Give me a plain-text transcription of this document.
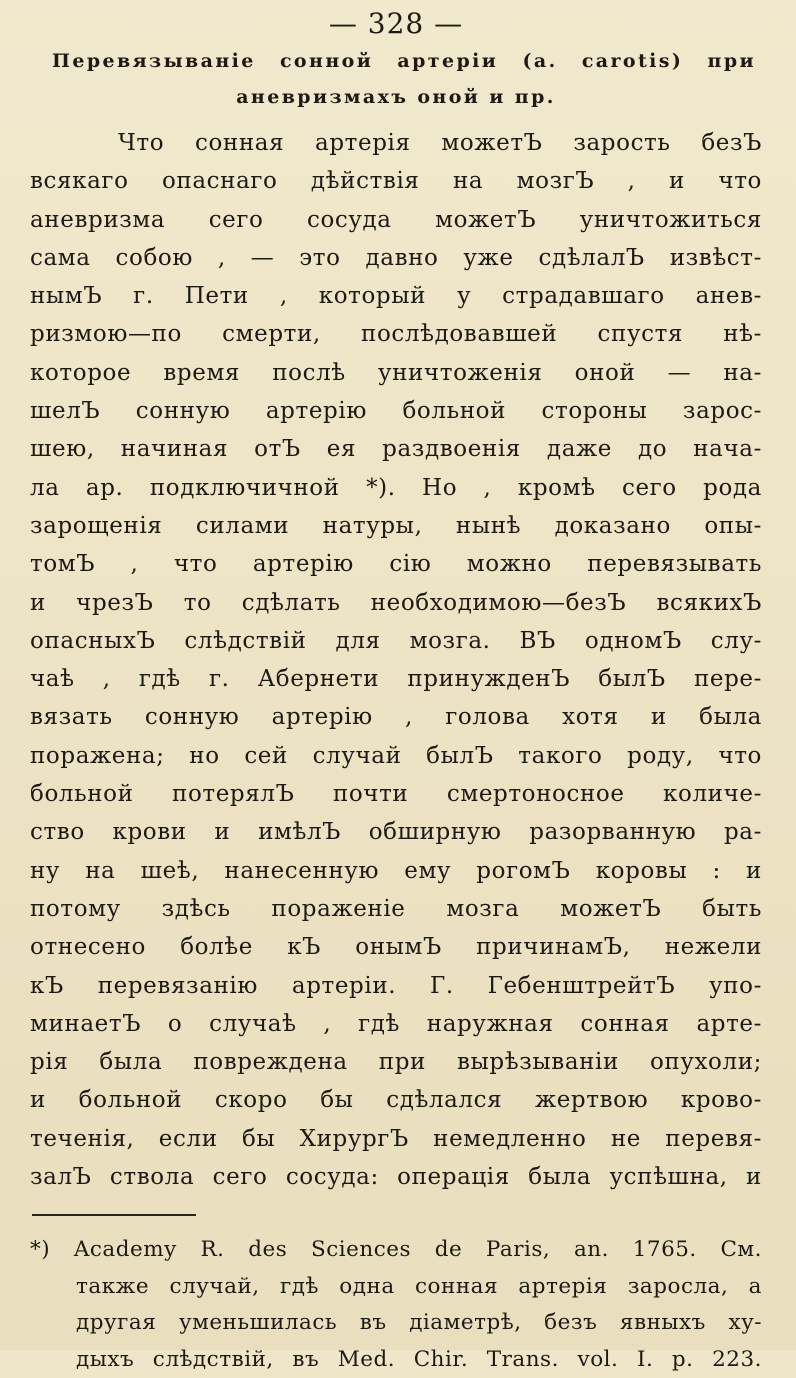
— 328 —
Перевязываніе сонной артеріи (a. carotis) при
аневризмахъ оной и пр.
Что сонная артерія можетЪ зарость безЪ
всякаго опаснаго дѣйствія на мозгЪ , и что
аневризма сего сосуда можетЪ уничтожиться
сама собою , — это давно уже сдѣлалЪ извѣст-
нымЪ г. Пети , который у страдавшаго анев-
ризмою—по смерти, послѣдовавшей спустя нѣ-
которое время послѣ уничтоженія оной — на-
шелЪ сонную артерію больной стороны зарос-
шею, начиная отЪ ея раздвоенія даже до нача-
ла ар. подключичной *). Но , кромѣ сего рода
зарощенія силами натуры, нынѣ доказано опы-
томЪ , что артерію сію можно перевязывать
и чрезЪ то сдѣлать необходимою—безЪ всякихЪ
опасныхЪ слѣдствій для мозга. ВЪ одномЪ слу-
чаѣ , гдѣ г. Абернети принужденЪ былЪ пере-
вязать сонную артерію , голова хотя и была
поражена; но сей случай былЪ такого роду, что
больной потерялЪ почти смертоносное количе-
ство крови и имѣлЪ обширную разорванную ра-
ну на шеѣ, нанесенную ему рогомЪ коровы : и
потому здѣсь пораженіе мозга можетЪ быть
отнесено болѣе кЪ онымЪ причинамЪ, нежели
кЪ перевязанію артеріи. Г. ГебенштрейтЪ упо-
минаетЪ о случаѣ , гдѣ наружная сонная арте-
рія была повреждена при вырѣзываніи опухоли;
и больной скоро бы сдѣлался жертвою крово-
теченія, если бы ХирургЪ немедленно не перевя-
залЪ ствола сего сосуда: операція была успѣшна, и
*) Academy R. des Sciences de Paris, an. 1765. См.
также случай, гдѣ одна сонная артерія заросла, а
другая уменьшилась въ діаметрѣ, безъ явныхъ ху-
дыхъ слѣдствій, въ Med. Chir. Trans. vol. I. p. 223.
